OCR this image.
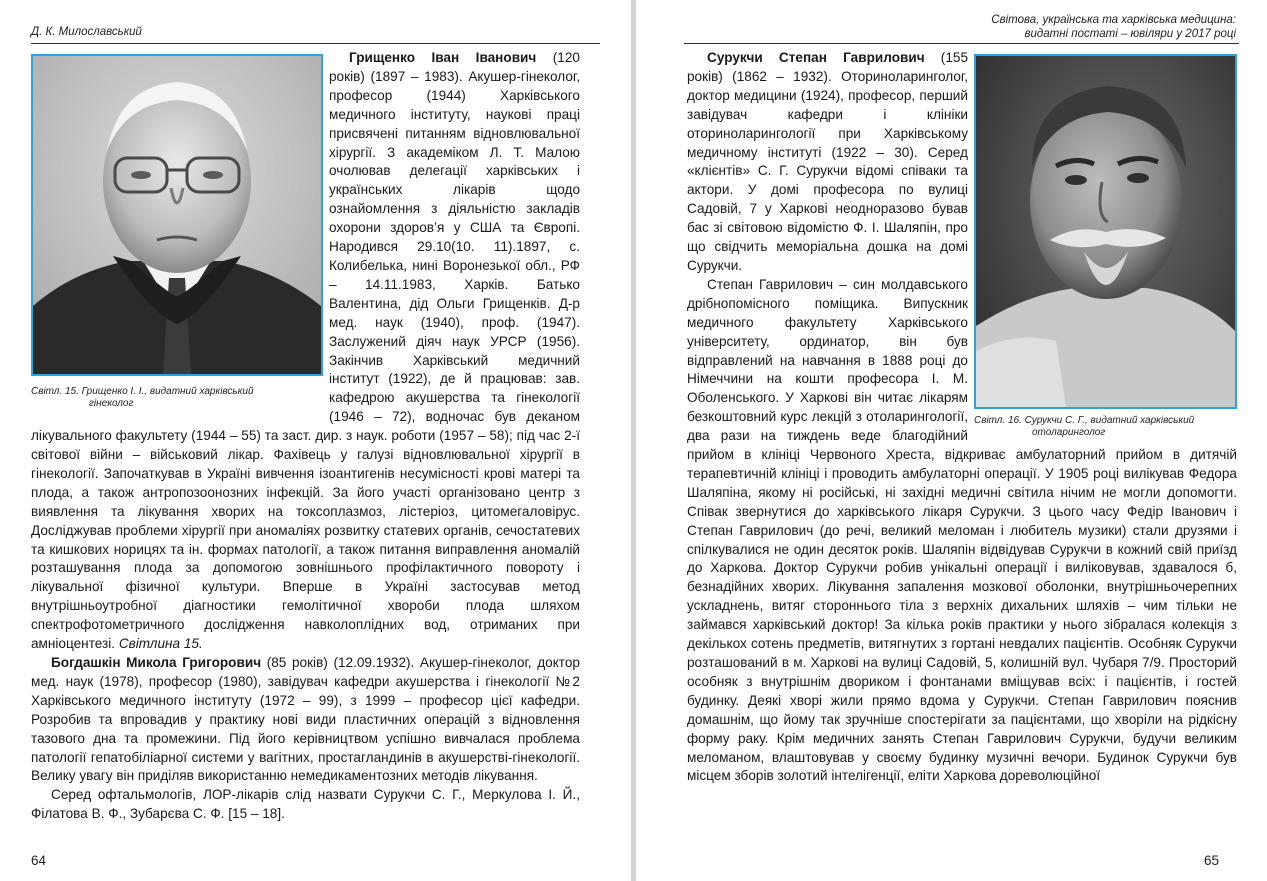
Д. К. Милославський
Світл. 15. Грищенко І. І., видатний харківський
гінеколог

Грищенко Іван Іванович (120 років) (1897 – 1983). Акушер-гінеколог, професор (1944) Харківського медичного інституту, наукові праці присвячені питанням відновлювальної хірургії. З академіком Л. Т. Малою очолював делегації харківських і українських лікарів щодо ознайомлення з діяльністю закладів охорони здоров’я у США та Європі. Народився 29.10(10. 11).1897, с. Колибелька, нині Воронезької обл., РФ – 14.11.1983, Харків. Батько Валентина, дід Ольги Грищенків. Д-р мед. наук (1940), проф. (1947). Заслужений діяч наук УРСР (1956). Закінчив Харківський медичний інститут (1922), де й працював: зав. кафедрою акушерства та гінекології (1946 – 72), водночас був деканом лікувального факультету (1944 – 55) та заст. дир. з наук. роботи (1957 – 58); під час 2-ї світової війни – військовий лікар. Фахівець у галузі відновлювальної хірургії в гінекології. Започаткував в Україні вивчення ізоантигенів несумісності крові матері та плода, а також антропозоонозних інфекцій. За його участі організовано центр з виявлення та лікування хворих на токсоплазмоз, лістеріоз, цитомегаловірус. Досліджував проблеми хірургії при аномаліях розвитку статевих органів, сечостатевих та кишкових норицях та ін. формах патології, а також питання виправлення аномалій розташування плода за допомогою зовнішнього профілактичного повороту і лікувальної фізичної культури. Вперше в Україні застосував метод внутрішньоутробної діагностики гемолітичної хвороби плода шляхом спектрофотометричного дослідження навколоплідних вод, отриманих при амніоцентезі. Світлина 15.

Богдашкін Микола Григорович (85 років) (12.09.1932). Акушер-гінеколог, доктор мед. наук (1978), професор (1980), завідувач кафедри акушерства і гінекології №2 Харківського медичного інституту (1972 – 99), з 1999 – професор цієї кафедри. Розробив та впровадив у практику нові види пластичних операцій з відновлення тазового дна та промежини. Під його керівництвом успішно вивчалася проблема патології гепатобіліарної системи у вагітних, простагландинів в акушерстві-гінекології. Велику увагу він приділяв використанню немедикаментозних методів лікування.

Серед офтальмологів, ЛОР-лікарів слід назвати Сурукчи С. Г., Меркулова І. Й., Філатова В. Ф., Зубарєва С. Ф. [15 – 18].

64
Світова, українська та харківська медицина:
видатні постаті – ювіляри у 2017 році
Світл. 16. Сурукчи С. Г., видатний харківський
отоларинголог

Сурукчи Степан Гаврилович (155 років) (1862 – 1932). Оториноларинголог, доктор медицини (1924), професор, перший завідувач кафедри і клініки оториноларингології при Харківському медичному інституті (1922 – 30). Серед «клієнтів» С. Г. Сурукчи відомі співаки та актори. У домі професора по вулиці Садовій, 7 у Харкові неодноразово бував бас зі світовою відомістю Ф. І. Шаляпін, про що свідчить меморіальна дошка на домі Сурукчи.

Степан Гаврилович – син молдавського дрібнопомісного поміщика. Випускник медичного факультету Харківського університету, ординатор, він був відправлений на навчання в 1888 році до Німеччини на кошти професора І. М. Оболенського. У Харкові він читає лікарям безкоштовний курс лекцій з отоларингології, два рази на тиждень веде благодійний прийом в клініці Червоного Хреста, відкриває амбулаторний прийом в дитячій терапевтичній клініці і проводить амбулаторні операції. У 1905 році вилікував Федора Шаляпіна, якому ні російські, ні західні медичні світила нічим не могли допомогти. Співак звернутися до харківського лікаря Сурукчи. З цього часу Федір Іванович і Степан Гаврилович (до речі, великий меломан і любитель музики) стали друзями і спілкувалися не один десяток років. Шаляпін відвідував Сурукчи в кожний свій приїзд до Харкова. Доктор Сурукчи робив унікальні операції і виліковував, здавалося б, безнадійних хворих. Лікування запалення мозкової оболонки, внутрішньочерепних ускладнень, витяг стороннього тіла з верхніх дихальних шляхів – чим тільки не займався харківський доктор! За кілька років практики у нього зібралася колекція з декількох сотень предметів, витягнутих з гортані невдалих пацієнтів. Особняк Сурукчи розташований в м. Харкові на вулиці Садовій, 5, колишній вул. Чубаря 7/9. Просторий особняк з внутрішнім двориком і фонтанами вміщував всіх: і пацієнтів, і гостей будинку. Деякі хворі жили прямо вдома у Сурукчи. Степан Гаврилович пояснив домашнім, що йому так зручніше спостерігати за пацієнтами, що хворіли на рідкісну форму раку. Крім медичних занять Степан Гаврилович Сурукчи, будучи великим меломаном, влаштовував у своєму будинку музичні вечори. Будинок Сурукчи був місцем зборів золотий інтелігенції, еліти Харкова дореволюційної

65
